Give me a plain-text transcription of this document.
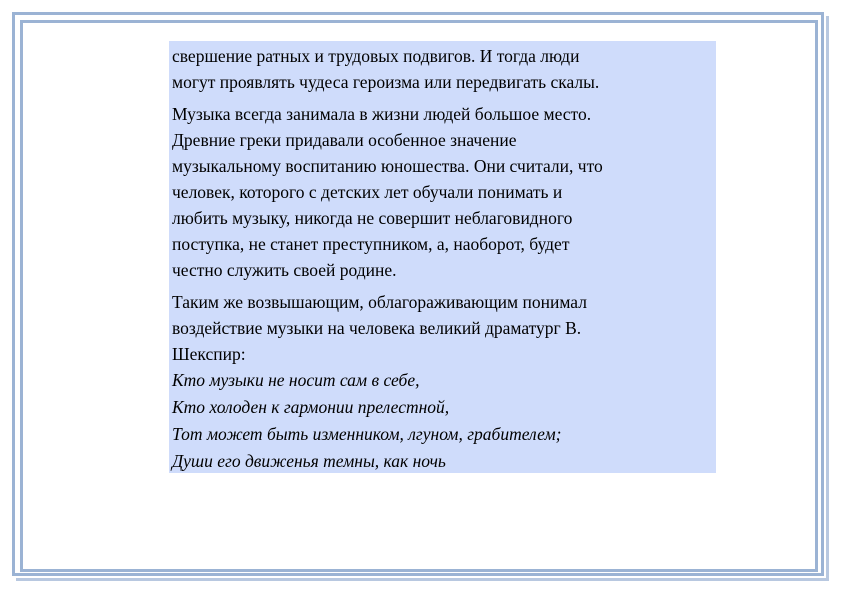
свершение ратных и трудовых подвигов. И тогда люди
могут проявлять чудеса героизма или передвигать скалы.

Музыка всегда занимала в жизни людей большое место.
Древние греки придавали особенное значение
музыкальному воспитанию юношества. Они считали, что
человек, которого с детских лет обучали понимать и
любить музыку, никогда не совершит неблаговидного
поступка, не станет преступником, а, наоборот, будет
честно служить своей родине.

Таким же возвышающим, облагораживающим понимал
воздействие музыки на человека великий драматург В.
Шекспир:

Кто музыки не носит сам в себе,
Кто холоден к гармонии прелестной,
Тот может быть изменником, лгуном, грабителем;
Души его движенья темны, как ночь
